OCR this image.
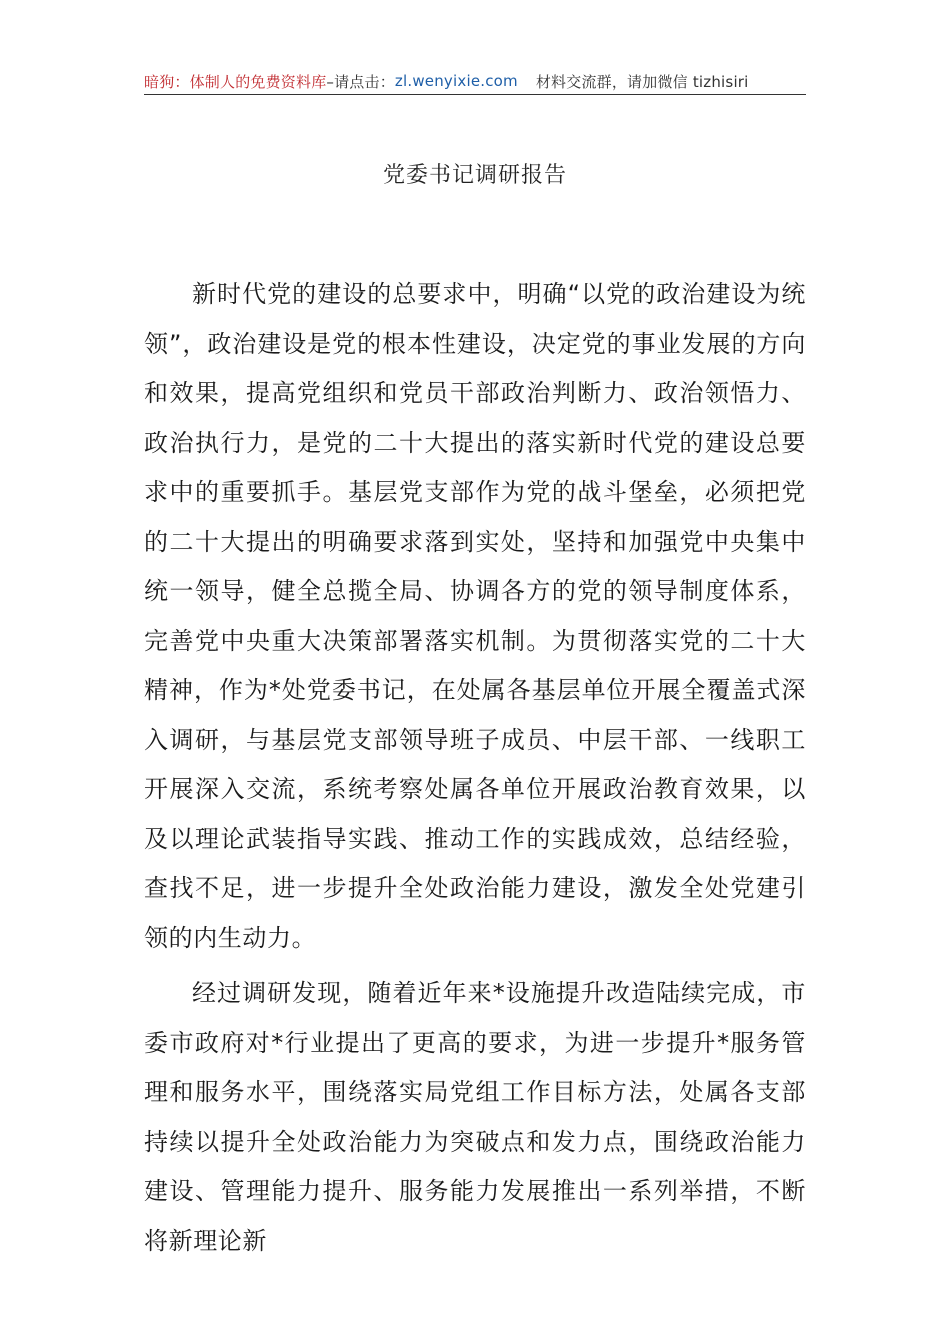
暗狗：体制人的免费资料库 –请点击： zl.wenyixie.com 材料交流群，请加微信 tizhisiri
党委书记调研报告

新时代党的建设的总要求中，明确“以党的政治建设为统领”，政治建设是党的根本性建设，决定党的事业发展的方向和效果，提高党组织和党员干部政治判断力、政治领悟力、政治执行力，是党的二十大提出的落实新时代党的建设总要求中的重要抓手。基层党支部作为党的战斗堡垒，必须把党的二十大提出的明确要求落到实处，坚持和加强党中央集中统一领导，健全总揽全局、协调各方的党的领导制度体系，完善党中央重大决策部署落实机制。为贯彻落实党的二十大精神，作为*处党委书记，在处属各基层单位开展全覆盖式深入调研，与基层党支部领导班子成员、中层干部、一线职工开展深入交流，系统考察处属各单位开展政治教育效果，以及以理论武装指导实践、推动工作的实践成效，总结经验，查找不足，进一步提升全处政治能力建设，激发全处党建引领的内生动力。

经过调研发现，随着近年来*设施提升改造陆续完成，市委市政府对*行业提出了更高的要求，为进一步提升*服务管理和服务水平，围绕落实局党组工作目标方法，处属各支部持续以提升全处政治能力为突破点和发力点，围绕政治能力建设、管理能力提升、服务能力发展推出一系列举措，不断将新理论新
